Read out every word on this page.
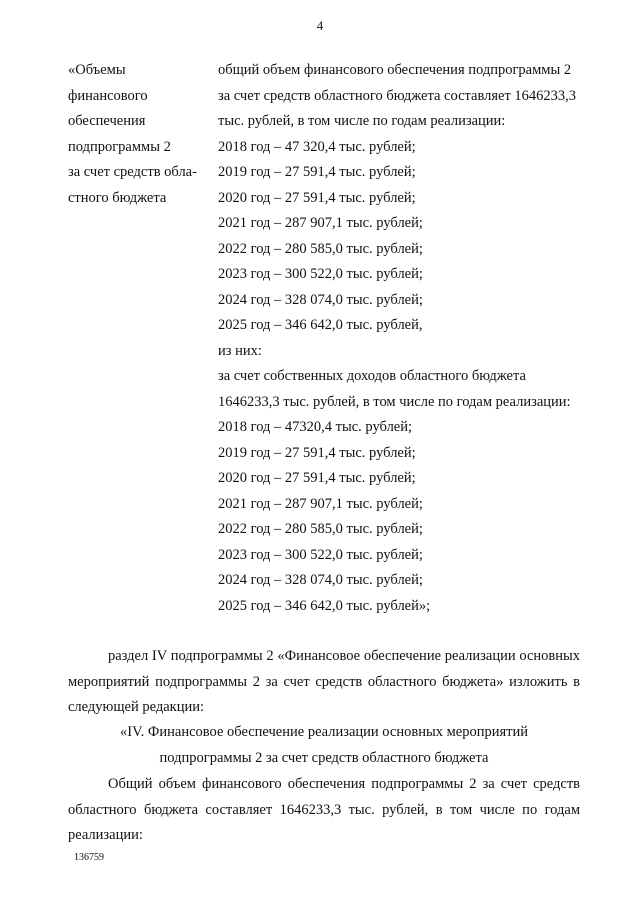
4
«Объемы
финансового
обеспечения
подпрограммы 2
за счет средств обла-
стного бюджета
общий объем финансового обеспечения подпрограммы 2
за счет средств областного бюджета составляет 1646233,3
тыс. рублей, в том числе по годам реализации:
2018 год – 47 320,4 тыс. рублей;
2019 год – 27 591,4 тыс. рублей;
2020 год – 27 591,4 тыс. рублей;
2021 год – 287 907,1 тыс. рублей;
2022 год – 280 585,0 тыс. рублей;
2023 год – 300 522,0 тыс. рублей;
2024 год – 328 074,0 тыс. рублей;
2025 год – 346 642,0 тыс. рублей,
из них:
за счет собственных доходов областного бюджета
1646233,3 тыс. рублей, в том числе по годам реализации:
2018 год – 47320,4 тыс. рублей;
2019 год – 27 591,4 тыс. рублей;
2020 год – 27 591,4 тыс. рублей;
2021 год – 287 907,1 тыс. рублей;
2022 год – 280 585,0 тыс. рублей;
2023 год – 300 522,0 тыс. рублей;
2024 год – 328 074,0 тыс. рублей;
2025 год – 346 642,0 тыс. рублей»;
раздел IV подпрограммы 2 «Финансовое обеспечение реализации основных мероприятий подпрограммы 2 за счет средств областного бюджета» изложить в следующей редакции:
«IV. Финансовое обеспечение реализации основных мероприятий
подпрограммы 2 за счет средств областного бюджета
Общий объем финансового обеспечения подпрограммы 2 за счет средств областного бюджета составляет 1646233,3 тыс. рублей, в том числе по годам реализации:
136759
